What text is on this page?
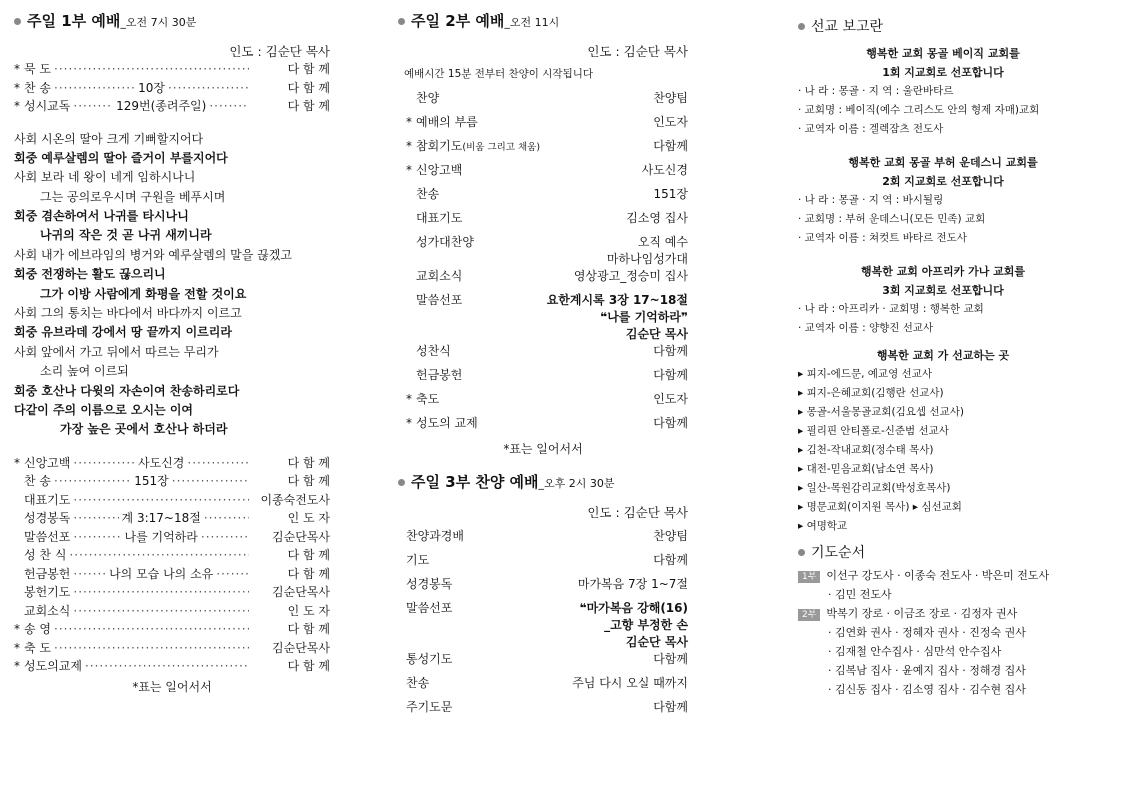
주일 1부 예배 _오전 7시 30분
인도 : 김순단 목사
* 묵 도 ·····	다 함 께
* 찬 송 ·····	10장 ·····	다 함 께
* 성시교독 ·····	129번(종려주일) ·····	다 함 께
사회 시온의 딸아 크게 기뻐할지어다
회중 예루살렘의 딸아 즐거이 부를지어다
사회 보라 네 왕이 네게 임하시나니
그는 공의로우시며 구원을 베푸시며
회중 겸손하여서 나귀를 타시나니
나귀의 작은 것 곧 나귀 새끼니라
사회 내가 에브라임의 병거와 예루살렘의 말을 끊겠고
회중 전쟁하는 활도 끊으리니
그가 이방 사람에게 화평을 전할 것이요
사회 그의 통치는 바다에서 바다까지 이르고
회중 유브라데 강에서 땅 끝까지 이르리라
사회 앞에서 가고 뒤에서 따르는 무리가
소리 높여 이르되
회중 호산나 다윗의 자손이여 찬송하리로다
다같이 주의 이름으로 오시는 이여
가장 높은 곳에서 호산나 하더라
* 신앙고백 ·····	사도신경 ·····	다 함 께
찬 송 ·····	151장 ·····	다 함 께
대표기도 ·····	이종숙전도사
성경봉독 ·····	계 3:17~18절 ·····	인 도 자
말씀선포 ·····	나를 기억하라 ·····	김순단목사
성 찬 식 ·····	다 함 께
헌금봉헌 ·····	나의 모습 나의 소유 ·····	다 함 께
봉헌기도 ·····	김순단목사
교회소식 ·····	인 도 자
* 송 영 ·····	다 함 께
* 축 도 ·····	김순단목사
* 성도의교제 ·····	다 함 께
*표는 일어서서
주일 2부 예배 _오전 11시
인도 : 김순단 목사
예배시간 15분 전부터 찬양이 시작됩니다
찬양	찬양팀
* 예배의 부름	인도자
* 참회기도(비움 그리고 채움)	다함께
* 신앙고백	사도신경
찬송	151장
대표기도	김소영 집사
성가대찬양	오직 예수
마하나임성가대
교회소식	영상광고_정승미 집사
말씀선포	요한계시록 3장 17~18절
❝나를 기억하라❞
김순단 목사
성찬식	다함께
헌금봉헌	다함께
* 축도	인도자
* 성도의 교제	다함께
*표는 일어서서
주일 3부 찬양 예배 _오후 2시 30분
인도 : 김순단 목사
찬양과경배	찬양팀
기도	다함께
성경봉독	마가복음 7장 1~7절
말씀선포	❝마가복음 강해(16)
_고향 부정한 손
김순단 목사
통성기도	다함께
찬송	주님 다시 오실 때까지
주기도문	다함께
선교 보고란
행복한 교회 몽골 베이직 교회를
1회 지교회로 선포합니다
· 나 라 : 몽골 · 지 역 : 울란바타르
· 교회명 : 베이직(예수 그리스도 안의 형제 자매)교회
· 교역자 이름 : 겔렉잠츠 전도사
행복한 교회 몽골 부허 운데스니 교회를
2회 지교회로 선포합니다
· 나 라 : 몽골 · 지 역 : 바시될링
· 교회명 : 부허 운데스니(모든 민족) 교회
· 교역자 이름 : 쳐컷트 바타르 전도사
행복한 교회 아프리카 가나 교회를
3회 지교회로 선포합니다
· 나 라 : 아프리카 · 교회명 : 행복한 교회
· 교역자 이름 : 양향진 선교사
행복한 교회 가 선교하는 곳
▸ 피지-에드문, 예교영 선교사
▸ 피지-은혜교회(김행란 선교사)
▸ 몽골-서울몽골교회(김요셉 선교사)
▸ 필리핀 안티폴로-신준범 선교사
▸ 김천-작내교회(정수태 목사)
▸ 대전-믿음교회(남소연 목사)
▸ 일산-목원감리교회(박성호목사)
▸ 명문교회(이지원 목사) ▸ 심선교회
▸ 여명학교
기도순서
1부 이선구 강도사 · 이종숙 전도사 · 박은미 전도사
· 김민 전도사
2부 박복기 장로 · 이금조 장로 · 김정자 권사
· 김연화 권사 · 정혜자 권사 · 진정숙 권사
· 김재철 안수집사 · 심만석 안수집사
· 김복남 집사 · 윤예지 집사 · 정해경 집사
· 김신동 집사 · 김소영 집사 · 김수현 집사
